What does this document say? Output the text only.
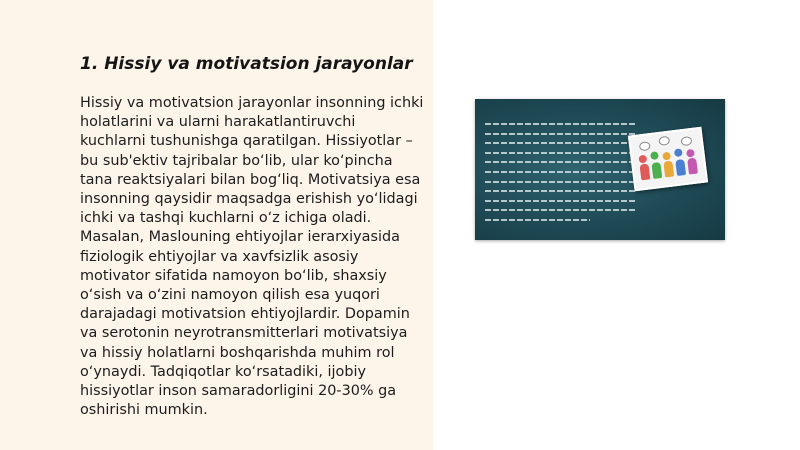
1. Hissiy va motivatsion jarayonlar

Hissiy va motivatsion jarayonlar insonning ichki holatlarini va ularni harakatlantiruvchi kuchlarni tushunishga qaratilgan. Hissiyotlar – bu sub'ektiv tajribalar bo‘lib, ular ko‘pincha tana reaktsiyalari bilan bog‘liq. Motivatsiya esa insonning qaysidir maqsadga erishish yo‘lidagi ichki va tashqi kuchlarni o‘z ichiga oladi. Masalan, Maslouning ehtiyojlar ierarxiyasida fiziologik ehtiyojlar va xavfsizlik asosiy motivator sifatida namoyon bo‘lib, shaxsiy o‘sish va o‘zini namoyon qilish esa yuqori darajadagi motivatsion ehtiyojlardir. Dopamin va serotonin neyrotransmitterlari motivatsiya va hissiy holatlarni boshqarishda muhim rol o‘ynaydi. Tadqiqotlar ko‘rsatadiki, ijobiy hissiyotlar inson samaradorligini 20-30% ga oshirishi mumkin.
